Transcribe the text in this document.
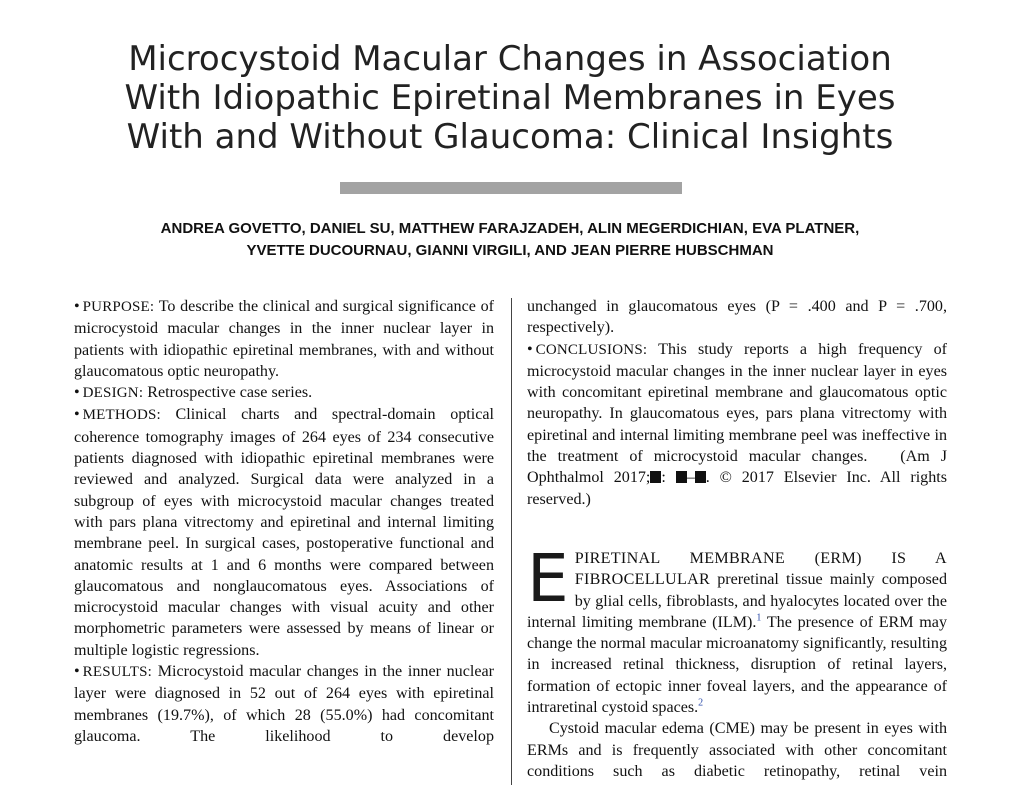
Microcystoid Macular Changes in Association
With Idiopathic Epiretinal Membranes in Eyes
With and Without Glaucoma: Clinical Insights
ANDREA GOVETTO, DANIEL SU, MATTHEW FARAJZADEH, ALIN MEGERDICHIAN, EVA PLATNER,
YVETTE DUCOURNAU, GIANNI VIRGILI, AND JEAN PIERRE HUBSCHMAN

• PURPOSE: To describe the clinical and surgical significance of microcystoid macular changes in the inner nuclear layer in patients with idiopathic epiretinal membranes, with and without glaucomatous optic neuropathy.

• DESIGN: Retrospective case series.

• METHODS: Clinical charts and spectral-domain optical coherence tomography images of 264 eyes of 234 consecutive patients diagnosed with idiopathic epiretinal membranes were reviewed and analyzed. Surgical data were analyzed in a subgroup of eyes with microcystoid macular changes treated with pars plana vitrectomy and epiretinal and internal limiting membrane peel. In surgical cases, postoperative functional and anatomic results at 1 and 6 months were compared between glaucomatous and nonglaucomatous eyes. Associations of microcystoid macular changes with visual acuity and other morphometric parameters were assessed by means of linear or multiple logistic regressions.

• RESULTS: Microcystoid macular changes in the inner nuclear layer were diagnosed in 52 out of 264 eyes with epiretinal membranes (19.7%), of which 28 (55.0%) had concomitant glaucoma. The likelihood to develop

unchanged in glaucomatous eyes (P = .400 and P = .700, respectively).

• CONCLUSIONS: This study reports a high frequency of microcystoid macular changes in the inner nuclear layer in eyes with concomitant epiretinal membrane and glaucomatous optic neuropathy. In glaucomatous eyes, pars plana vitrectomy with epiretinal and internal limiting membrane peel was ineffective in the treatment of microcystoid macular changes. (Am J Ophthalmol 2017; : – . © 2017 Elsevier Inc. All rights reserved.)

EPIRETINAL MEMBRANE (ERM) IS A FIBROCELLULAR preretinal tissue mainly composed by glial cells, fibroblasts, and hyalocytes located over the internal limiting membrane (ILM).$^1$ The presence of ERM may change the normal macular microanatomy significantly, resulting in increased retinal thickness, disruption of retinal layers, formation of ectopic inner foveal layers, and the appearance of intraretinal cystoid spaces.$^2$

Cystoid macular edema (CME) may be present in eyes with ERMs and is frequently associated with other concomitant conditions such as diabetic retinopathy, retinal vein
